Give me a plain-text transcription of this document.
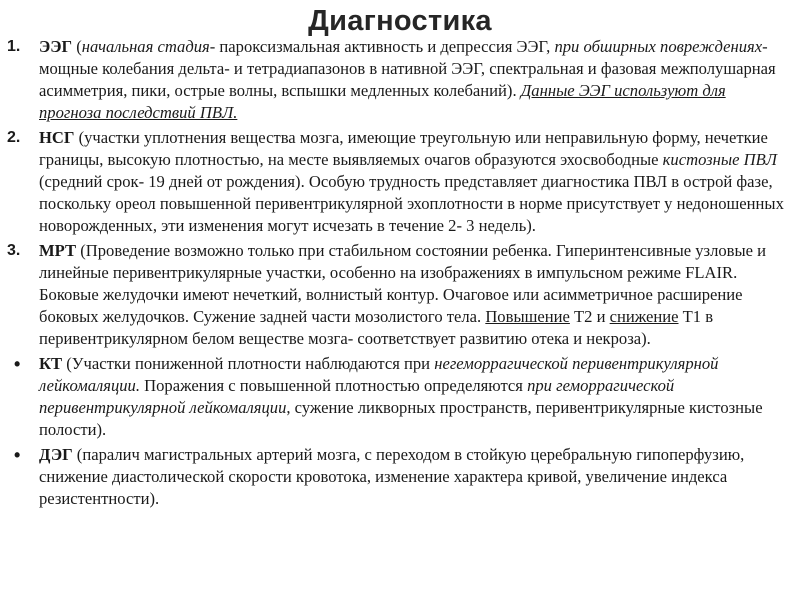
Диагностика
1. ЭЭГ (начальная стадия- пароксизмальная активность и депрессия ЭЭГ, при обширных повреждениях- мощные колебания дельта- и тетрадиапазонов в нативной ЭЭГ, спектральная и фазовая межполушарная асимметрия, пики, острые волны, вспышки медленных колебаний). Данные ЭЭГ используют для прогноза последствий ПВЛ.
2. НСГ (участки уплотнения вещества мозга, имеющие треугольную или неправильную форму, нечеткие границы, высокую плотностью, на месте выявляемых очагов образуются эхосвободные кистозные ПВЛ (средний срок- 19 дней от рождения). Особую трудность представляет диагностика ПВЛ в острой фазе, поскольку ореол повышенной перивентрикулярной эхоплотности в норме присутствует у недоношенных новорожденных, эти изменения могут исчезать в течение 2- 3 недель).
3. МРТ (Проведение возможно только при стабильном состоянии ребенка. Гиперинтенсивные узловые и линейные перивентрикулярные участки, особенно на изображениях в импульсном режиме FLAIR. Боковые желудочки имеют нечеткий, волнистый контур. Очаговое или асимметричное расширение боковых желудочков. Сужение задней части мозолистого тела. Повышение Т2 и снижение Т1 в перивентрикулярном белом веществе мозга- соответствует развитию отека и некроза).
• КТ (Участки пониженной плотности наблюдаются при негеморрагической перивентрикулярной лейкомаляции. Поражения с повышенной плотностью определяются при геморрагической перивентрикулярной лейкомаляции, сужение ликворных пространств, перивентрикулярные кистозные полости).
• ДЭГ (паралич магистральных артерий мозга, с переходом в стойкую церебральную гипоперфузию, снижение диастолической скорости кровотока, изменение характера кривой, увеличение индекса резистентности).
